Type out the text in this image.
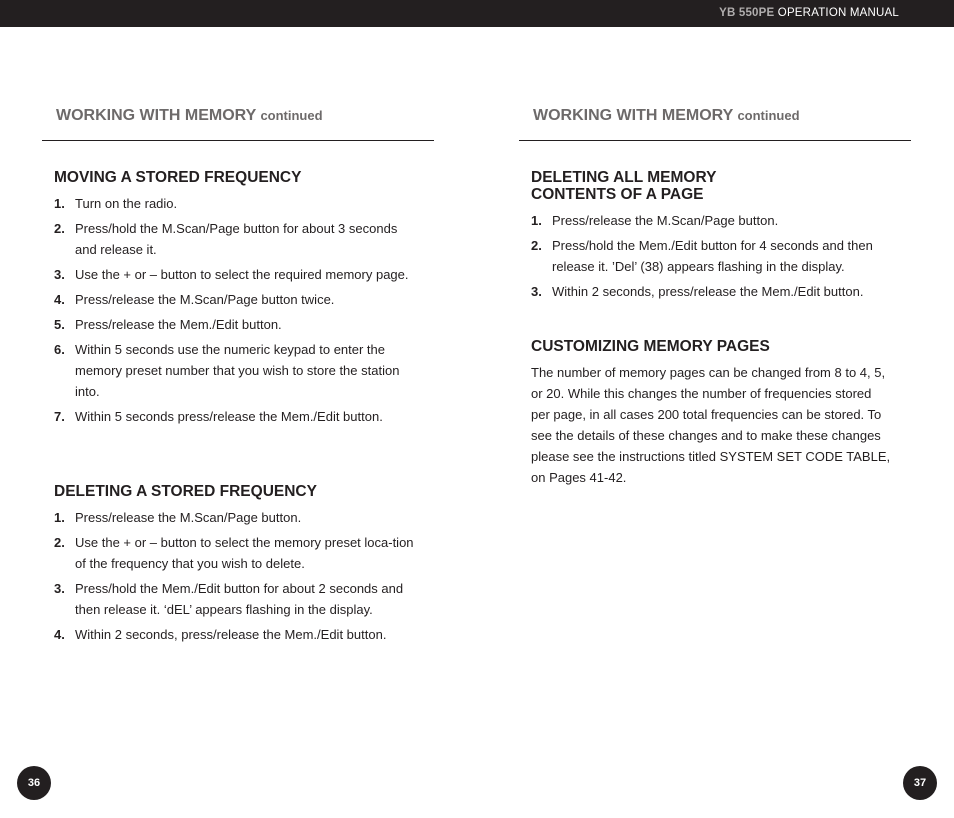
YB 550PE OPERATION MANUAL
WORKING WITH MEMORY continued
MOVING A STORED FREQUENCY
1. Turn on the radio.
2. Press/hold the M.Scan/Page button for about 3 seconds and release it.
3. Use the + or – button to select the required memory page.
4. Press/release the M.Scan/Page button twice.
5. Press/release the Mem./Edit button.
6. Within 5 seconds use the numeric keypad to enter the memory preset number that you wish to store the station into.
7. Within 5 seconds press/release the Mem./Edit button.
DELETING A STORED FREQUENCY
1. Press/release the M.Scan/Page button.
2. Use the + or – button to select the memory preset loca-tion of the frequency that you wish to delete.
3. Press/hold the Mem./Edit button for about 2 seconds and then release it. ‘dEL’ appears flashing in the display.
4. Within 2 seconds, press/release the Mem./Edit button.
WORKING WITH MEMORY continued
DELETING ALL MEMORY
CONTENTS OF A PAGE
1. Press/release the M.Scan/Page button.
2. Press/hold the Mem./Edit button for 4 seconds and then release it. ’Del’ (38) appears flashing in the display.
3. Within 2 seconds, press/release the Mem./Edit button.
CUSTOMIZING MEMORY PAGES

The number of memory pages can be changed from 8 to 4, 5, or 20. While this changes the number of frequencies stored per page, in all cases 200 total frequencies can be stored. To see the details of these changes and to make these changes please see the instructions titled SYSTEM SET CODE TABLE, on Pages 41-42.

36	37
